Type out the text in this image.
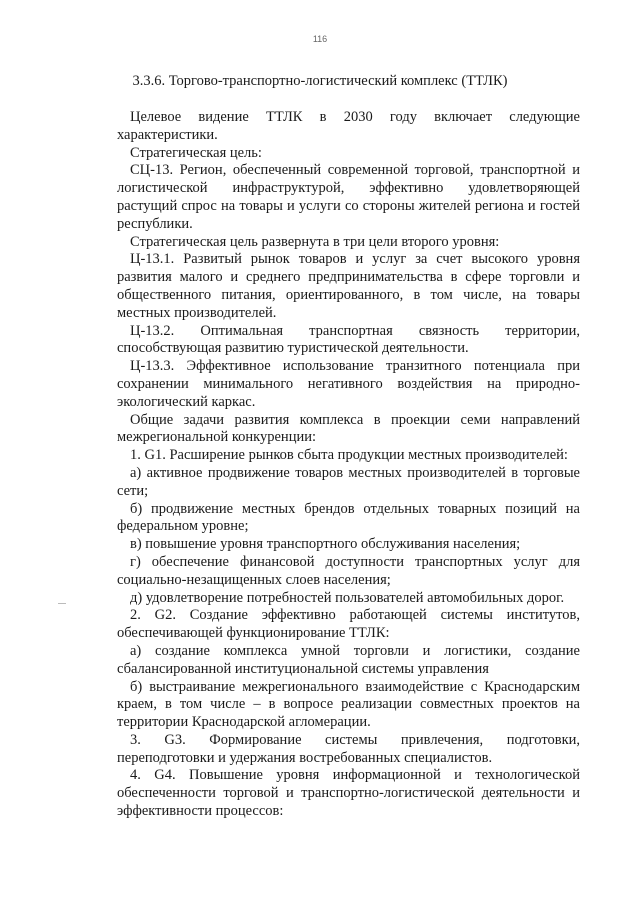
116
3.3.6. Торгово-транспортно-логистический комплекс (ТТЛК)

Целевое видение ТТЛК в 2030 году включает следующие характеристики.

Стратегическая цель:

СЦ-13. Регион, обеспеченный современной торговой, транспортной и логистической инфраструктурой, эффективно удовлетворяющей растущий спрос на товары и услуги со стороны жителей региона и гостей республики.

Стратегическая цель развернута в три цели второго уровня:

Ц-13.1. Развитый рынок товаров и услуг за счет высокого уровня развития малого и среднего предпринимательства в сфере торговли и общественного питания, ориентированного, в том числе, на товары местных производителей.

Ц-13.2. Оптимальная транспортная связность территории, способствующая развитию туристической деятельности.

Ц-13.3. Эффективное использование транзитного потенциала при сохранении минимального негативного воздействия на природно-экологический каркас.

Общие задачи развития комплекса в проекции семи направлений межрегиональной конкуренции:

1. G1. Расширение рынков сбыта продукции местных производителей:

а) активное продвижение товаров местных производителей в торговые сети;

б) продвижение местных брендов отдельных товарных позиций на федеральном уровне;

в) повышение уровня транспортного обслуживания населения;

г) обеспечение финансовой доступности транспортных услуг для социально-незащищенных слоев населения;

д) удовлетворение потребностей пользователей автомобильных дорог.

2. G2. Создание эффективно работающей системы институтов, обеспечивающей функционирование ТТЛК:

а) создание комплекса умной торговли и логистики, создание сбалансированной институциональной системы управления

б) выстраивание межрегионального взаимодействие с Краснодарским краем, в том числе – в вопросе реализации совместных проектов на территории Краснодарской агломерации.

3. G3. Формирование системы привлечения, подготовки, переподготовки и удержания востребованных специалистов.

4. G4. Повышение уровня информационной и технологической обеспеченности торговой и транспортно-логистической деятельности и эффективности процессов:
